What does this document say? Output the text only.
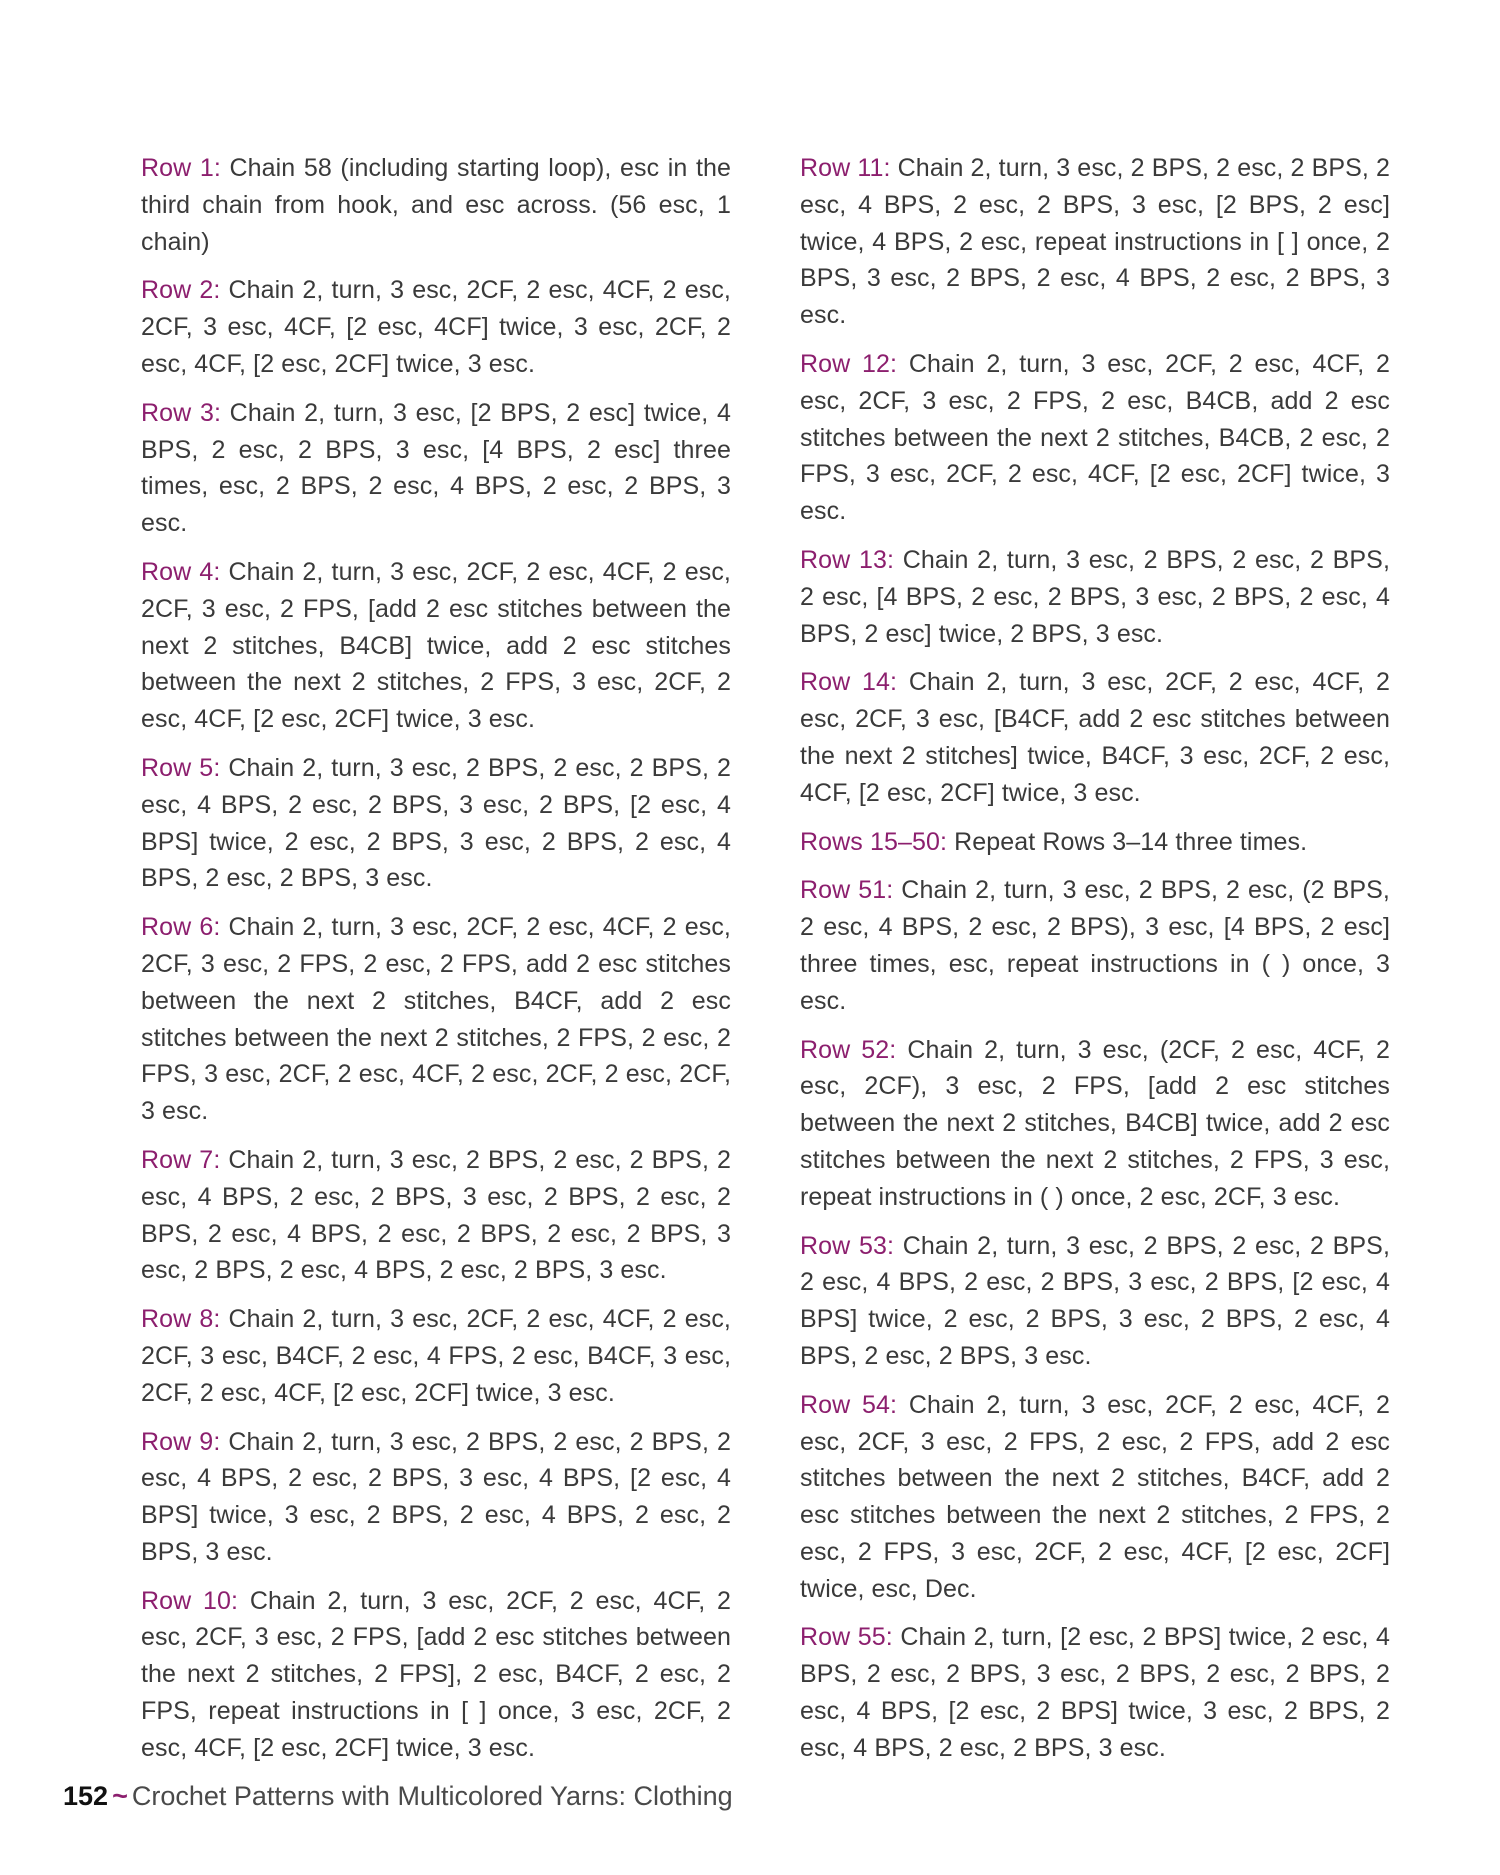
Row 1: Chain 58 (including starting loop), esc in the third chain from hook, and esc across. (56 esc, 1 chain)

Row 2: Chain 2, turn, 3 esc, 2CF, 2 esc, 4CF, 2 esc, 2CF, 3 esc, 4CF, [2 esc, 4CF] twice, 3 esc, 2CF, 2 esc, 4CF, [2 esc, 2CF] twice, 3 esc.

Row 3: Chain 2, turn, 3 esc, [2 BPS, 2 esc] twice, 4 BPS, 2 esc, 2 BPS, 3 esc, [4 BPS, 2 esc] three times, esc, 2 BPS, 2 esc, 4 BPS, 2 esc, 2 BPS, 3 esc.

Row 4: Chain 2, turn, 3 esc, 2CF, 2 esc, 4CF, 2 esc, 2CF, 3 esc, 2 FPS, [add 2 esc stitches between the next 2 stitches, B4CB] twice, add 2 esc stitches between the next 2 stitches, 2 FPS, 3 esc, 2CF, 2 esc, 4CF, [2 esc, 2CF] twice, 3 esc.

Row 5: Chain 2, turn, 3 esc, 2 BPS, 2 esc, 2 BPS, 2 esc, 4 BPS, 2 esc, 2 BPS, 3 esc, 2 BPS, [2 esc, 4 BPS] twice, 2 esc, 2 BPS, 3 esc, 2 BPS, 2 esc, 4 BPS, 2 esc, 2 BPS, 3 esc.

Row 6: Chain 2, turn, 3 esc, 2CF, 2 esc, 4CF, 2 esc, 2CF, 3 esc, 2 FPS, 2 esc, 2 FPS, add 2 esc stitches between the next 2 stitches, B4CF, add 2 esc stitches between the next 2 stitches, 2 FPS, 2 esc, 2 FPS, 3 esc, 2CF, 2 esc, 4CF, 2 esc, 2CF, 2 esc, 2CF, 3 esc.

Row 7: Chain 2, turn, 3 esc, 2 BPS, 2 esc, 2 BPS, 2 esc, 4 BPS, 2 esc, 2 BPS, 3 esc, 2 BPS, 2 esc, 2 BPS, 2 esc, 4 BPS, 2 esc, 2 BPS, 2 esc, 2 BPS, 3 esc, 2 BPS, 2 esc, 4 BPS, 2 esc, 2 BPS, 3 esc.

Row 8: Chain 2, turn, 3 esc, 2CF, 2 esc, 4CF, 2 esc, 2CF, 3 esc, B4CF, 2 esc, 4 FPS, 2 esc, B4CF, 3 esc, 2CF, 2 esc, 4CF, [2 esc, 2CF] twice, 3 esc.

Row 9: Chain 2, turn, 3 esc, 2 BPS, 2 esc, 2 BPS, 2 esc, 4 BPS, 2 esc, 2 BPS, 3 esc, 4 BPS, [2 esc, 4 BPS] twice, 3 esc, 2 BPS, 2 esc, 4 BPS, 2 esc, 2 BPS, 3 esc.

Row 10: Chain 2, turn, 3 esc, 2CF, 2 esc, 4CF, 2 esc, 2CF, 3 esc, 2 FPS, [add 2 esc stitches between the next 2 stitches, 2 FPS], 2 esc, B4CF, 2 esc, 2 FPS, repeat instructions in [ ] once, 3 esc, 2CF, 2 esc, 4CF, [2 esc, 2CF] twice, 3 esc.

Row 11: Chain 2, turn, 3 esc, 2 BPS, 2 esc, 2 BPS, 2 esc, 4 BPS, 2 esc, 2 BPS, 3 esc, [2 BPS, 2 esc] twice, 4 BPS, 2 esc, repeat instructions in [ ] once, 2 BPS, 3 esc, 2 BPS, 2 esc, 4 BPS, 2 esc, 2 BPS, 3 esc.

Row 12: Chain 2, turn, 3 esc, 2CF, 2 esc, 4CF, 2 esc, 2CF, 3 esc, 2 FPS, 2 esc, B4CB, add 2 esc stitches between the next 2 stitches, B4CB, 2 esc, 2 FPS, 3 esc, 2CF, 2 esc, 4CF, [2 esc, 2CF] twice, 3 esc.

Row 13: Chain 2, turn, 3 esc, 2 BPS, 2 esc, 2 BPS, 2 esc, [4 BPS, 2 esc, 2 BPS, 3 esc, 2 BPS, 2 esc, 4 BPS, 2 esc] twice, 2 BPS, 3 esc.

Row 14: Chain 2, turn, 3 esc, 2CF, 2 esc, 4CF, 2 esc, 2CF, 3 esc, [B4CF, add 2 esc stitches between the next 2 stitches] twice, B4CF, 3 esc, 2CF, 2 esc, 4CF, [2 esc, 2CF] twice, 3 esc.

Rows 15–50: Repeat Rows 3–14 three times.

Row 51: Chain 2, turn, 3 esc, 2 BPS, 2 esc, (2 BPS, 2 esc, 4 BPS, 2 esc, 2 BPS), 3 esc, [4 BPS, 2 esc] three times, esc, repeat instructions in ( ) once, 3 esc.

Row 52: Chain 2, turn, 3 esc, (2CF, 2 esc, 4CF, 2 esc, 2CF), 3 esc, 2 FPS, [add 2 esc stitches between the next 2 stitches, B4CB] twice, add 2 esc stitches between the next 2 stitches, 2 FPS, 3 esc, repeat instructions in ( ) once, 2 esc, 2CF, 3 esc.

Row 53: Chain 2, turn, 3 esc, 2 BPS, 2 esc, 2 BPS, 2 esc, 4 BPS, 2 esc, 2 BPS, 3 esc, 2 BPS, [2 esc, 4 BPS] twice, 2 esc, 2 BPS, 3 esc, 2 BPS, 2 esc, 4 BPS, 2 esc, 2 BPS, 3 esc.

Row 54: Chain 2, turn, 3 esc, 2CF, 2 esc, 4CF, 2 esc, 2CF, 3 esc, 2 FPS, 2 esc, 2 FPS, add 2 esc stitches between the next 2 stitches, B4CF, add 2 esc stitches between the next 2 stitches, 2 FPS, 2 esc, 2 FPS, 3 esc, 2CF, 2 esc, 4CF, [2 esc, 2CF] twice, esc, Dec.

Row 55: Chain 2, turn, [2 esc, 2 BPS] twice, 2 esc, 4 BPS, 2 esc, 2 BPS, 3 esc, 2 BPS, 2 esc, 2 BPS, 2 esc, 4 BPS, [2 esc, 2 BPS] twice, 3 esc, 2 BPS, 2 esc, 4 BPS, 2 esc, 2 BPS, 3 esc.

152 ~ Crochet Patterns with Multicolored Yarns: Clothing
